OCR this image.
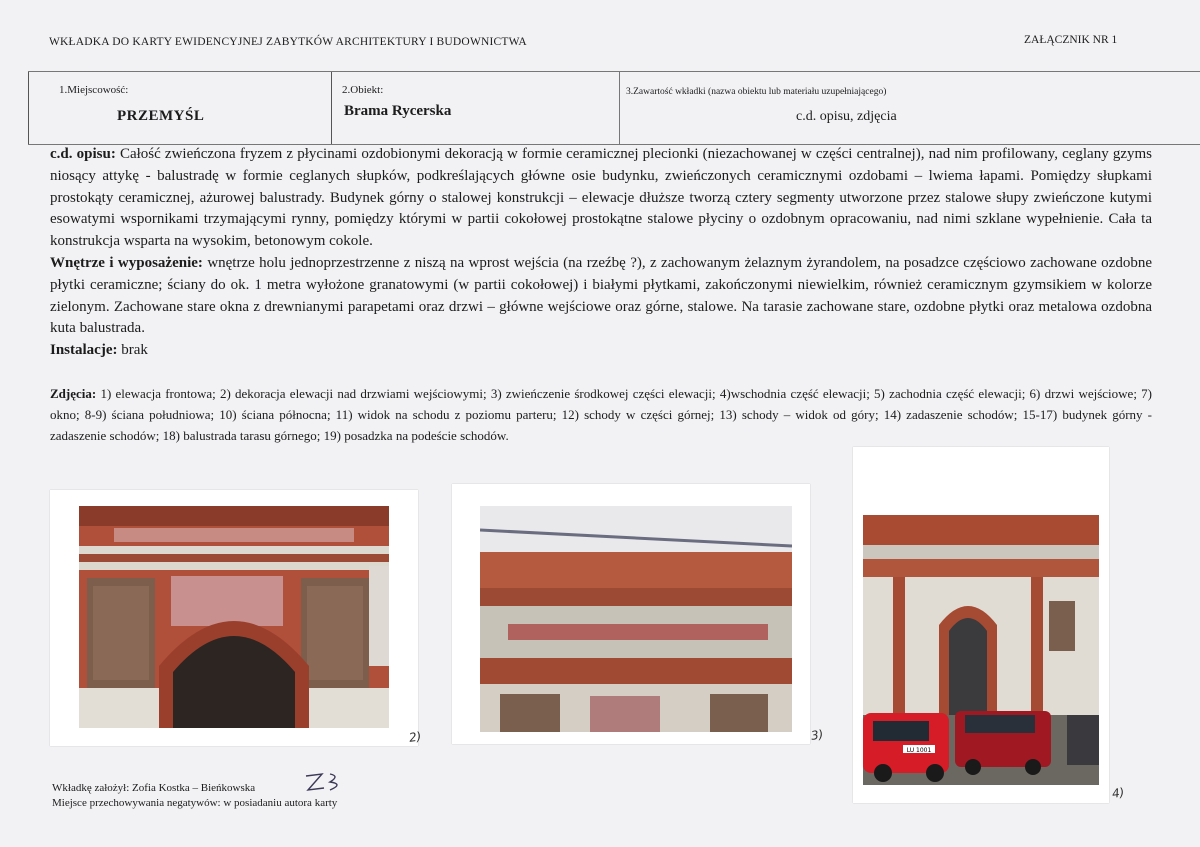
WKŁADKA DO KARTY EWIDENCYJNEJ ZABYTKÓW ARCHITEKTURY I BUDOWNICTWA	ZAŁĄCZNIK NR 1
1.Miejscowość:
PRZEMYŚL
2.Obiekt:
Brama Rycerska
3.Zawartość wkładki (nazwa obiektu lub materiału uzupełniającego)
c.d. opisu, zdjęcia

c.d. opisu: Całość zwieńczona fryzem z płycinami ozdobionymi dekoracją w formie ceramicznej plecionki (niezachowanej w części centralnej), nad nim profilowany, ceglany gzyms niosący attykę - balustradę w formie ceglanych słupków, podkreślających główne osie budynku, zwieńczonych ceramicznymi ozdobami – lwiema łapami. Pomiędzy słupkami prostokąty ceramicznej, ażurowej balustrady. Budynek górny o stalowej konstrukcji – elewacje dłuższe tworzą cztery segmenty utworzone przez stalowe słupy zwieńczone kutymi esowatymi wspornikami trzymającymi rynny, pomiędzy którymi w partii cokołowej prostokątne stalowe płyciny o ozdobnym opracowaniu, nad nimi szklane wypełnienie. Cała ta konstrukcja wsparta na wysokim, betonowym cokole.

Wnętrze i wyposażenie: wnętrze holu jednoprzestrzenne z niszą na wprost wejścia (na rzeźbę ?), z zachowanym żelaznym żyrandolem, na posadzce częściowo zachowane ozdobne płytki ceramiczne; ściany do ok. 1 metra wyłożone granatowymi (w partii cokołowej) i białymi płytkami, zakończonymi niewielkim, również ceramicznym gzymsikiem w kolorze zielonym. Zachowane stare okna z drewnianymi parapetami oraz drzwi – główne wejściowe oraz górne, stalowe. Na tarasie zachowane stare, ozdobne płytki oraz metalowa ozdobna kuta balustrada.

Instalacje: brak

Zdjęcia: 1) elewacja frontowa; 2) dekoracja elewacji nad drzwiami wejściowymi; 3) zwieńczenie środkowej części elewacji; 4)wschodnia część elewacji; 5) zachodnia część elewacji; 6) drzwi wejściowe; 7) okno; 8-9) ściana południowa; 10) ściana północna; 11) widok na schodu z poziomu parteru; 12) schody w części górnej; 13) schody – widok od góry; 14) zadaszenie schodów; 15-17) budynek górny - zadaszenie schodów; 18) balustrada tarasu górnego; 19) posadzka na podeście schodów.
2)	3)
LU 1001
4)
Wkładkę założył: Zofia Kostka – Bieńkowska
Miejsce przechowywania negatywów: w posiadaniu autora karty
